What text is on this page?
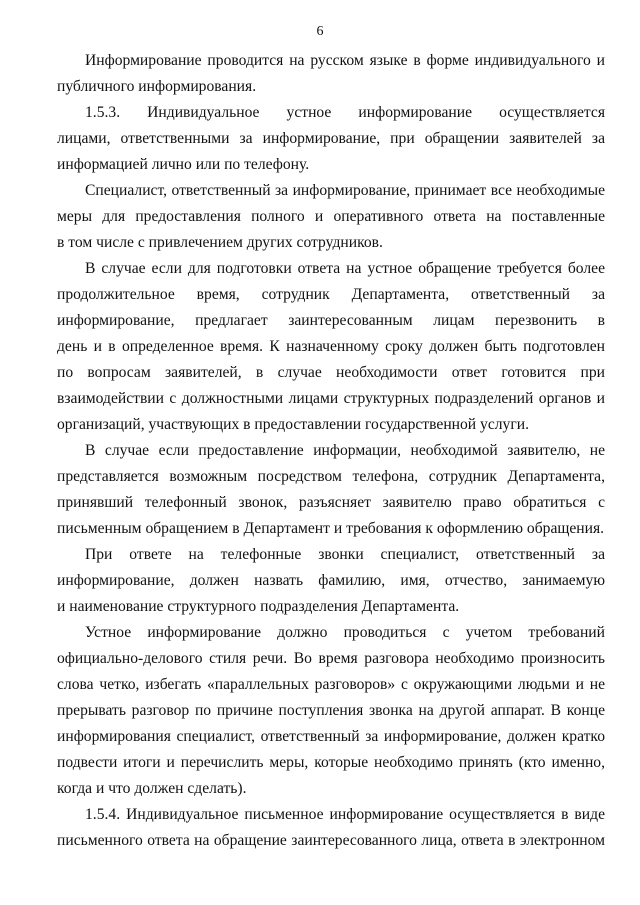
6
Информирование проводится на русском языке в форме индивидуального и
публичного информирования.
1.5.3. Индивидуальное устное информирование осуществляется
лицами, ответственными за информирование, при обращении заявителей за
информацией лично или по телефону.
Специалист, ответственный за информирование, принимает все необходимые
меры для предоставления полного и оперативного ответа на поставленные
в том числе с привлечением других сотрудников.
В случае если для подготовки ответа на устное обращение требуется более
продолжительное время, сотрудник Департамента, ответственный за
информирование, предлагает заинтересованным лицам перезвонить в
день и в определенное время. К назначенному сроку должен быть подготовлен
по вопросам заявителей, в случае необходимости ответ готовится при
взаимодействии с должностными лицами структурных подразделений органов и
организаций, участвующих в предоставлении государственной услуги.
В случае если предоставление информации, необходимой заявителю, не
представляется возможным посредством телефона, сотрудник Департамента,
принявший телефонный звонок, разъясняет заявителю право обратиться с
письменным обращением в Департамент и требования к оформлению обращения.
При ответе на телефонные звонки специалист, ответственный за
информирование, должен назвать фамилию, имя, отчество, занимаемую
и наименование структурного подразделения Департамента.
Устное информирование должно проводиться с учетом требований
официально-делового стиля речи. Во время разговора необходимо произносить
слова четко, избегать «параллельных разговоров» с окружающими людьми и не
прерывать разговор по причине поступления звонка на другой аппарат. В конце
информирования специалист, ответственный за информирование, должен кратко
подвести итоги и перечислить меры, которые необходимо принять (кто именно,
когда и что должен сделать).
1.5.4. Индивидуальное письменное информирование осуществляется в виде
письменного ответа на обращение заинтересованного лица, ответа в электронном
